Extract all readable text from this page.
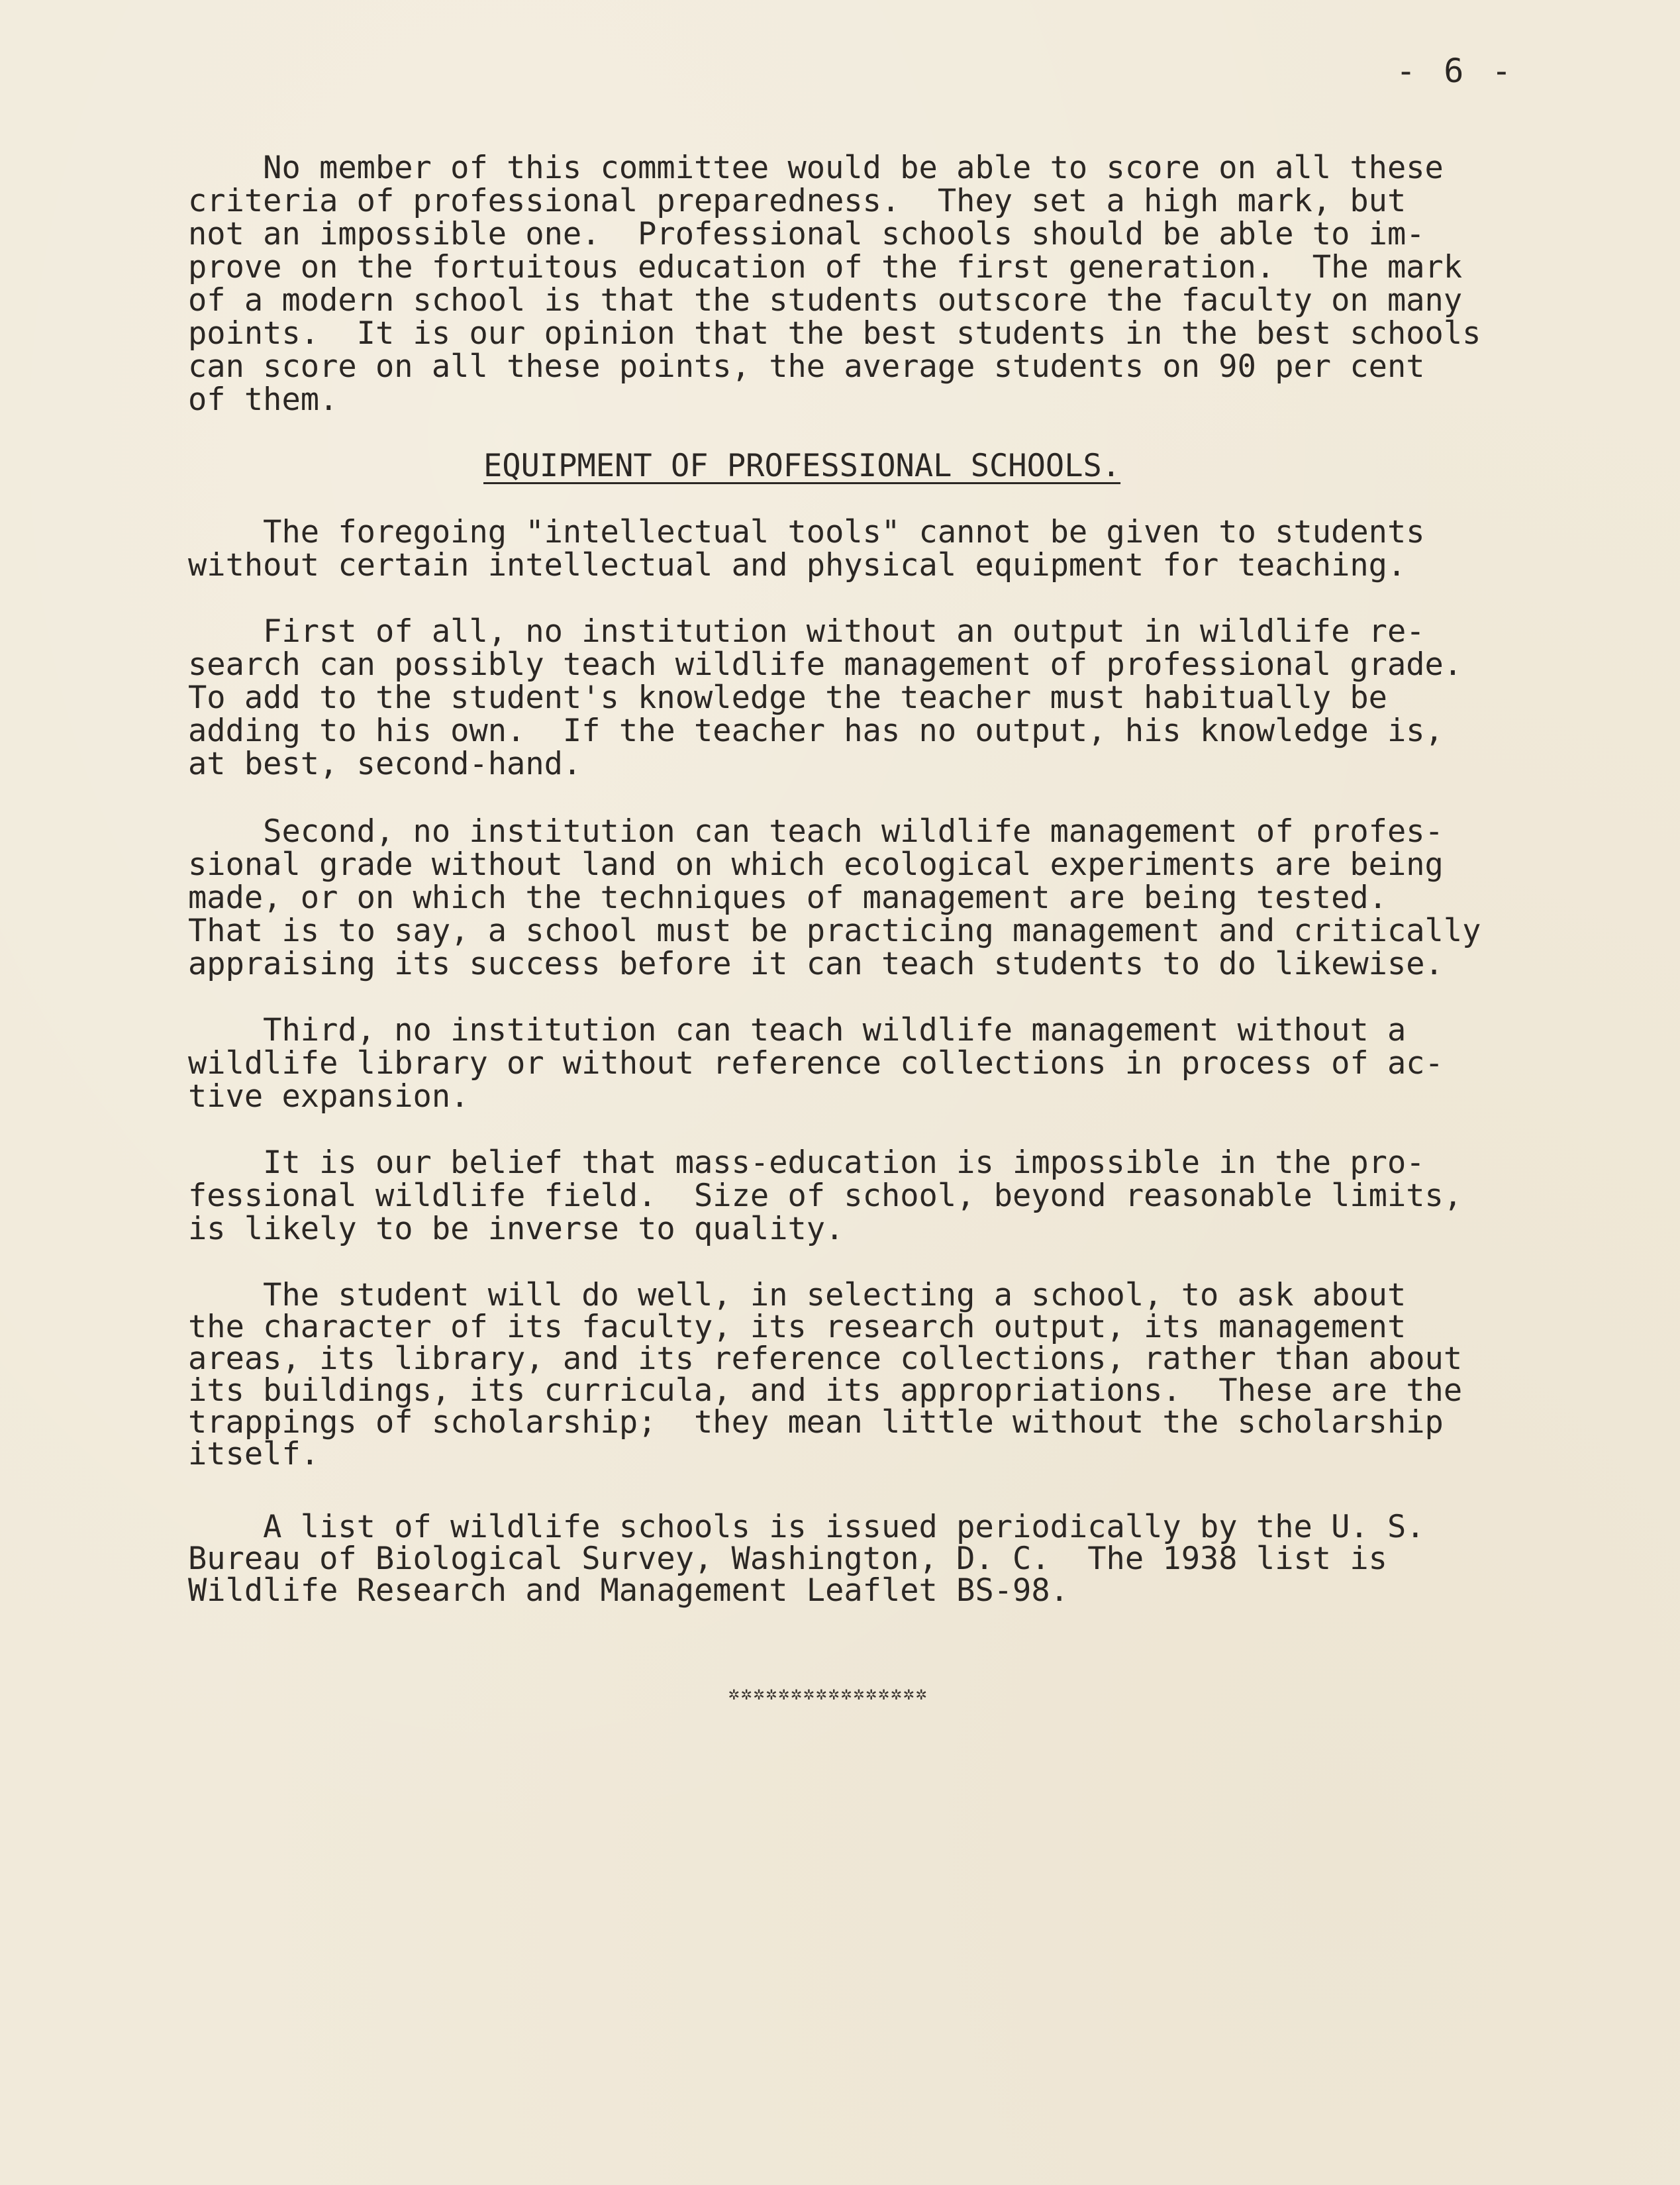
- 6 -
No member of this committee would be able to score on all these
criteria of professional preparedness.  They set a high mark, but
not an impossible one.  Professional schools should be able to im-
prove on the fortuitous education of the first generation.  The mark
of a modern school is that the students outscore the faculty on many
points.  It is our opinion that the best students in the best schools
can score on all these points, the average students on 90 per cent
of them.
EQUIPMENT OF PROFESSIONAL SCHOOLS.
The foregoing "intellectual tools" cannot be given to students
without certain intellectual and physical equipment for teaching.
First of all, no institution without an output in wildlife re-
search can possibly teach wildlife management of professional grade.
To add to the student's knowledge the teacher must habitually be
adding to his own.  If the teacher has no output, his knowledge is,
at best, second-hand.
Second, no institution can teach wildlife management of profes-
sional grade without land on which ecological experiments are being
made, or on which the techniques of management are being tested.
That is to say, a school must be practicing management and critically
appraising its success before it can teach students to do likewise.
Third, no institution can teach wildlife management without a
wildlife library or without reference collections in process of ac-
tive expansion.
It is our belief that mass-education is impossible in the pro-
fessional wildlife field.  Size of school, beyond reasonable limits,
is likely to be inverse to quality.
The student will do well, in selecting a school, to ask about
the character of its faculty, its research output, its management
areas, its library, and its reference collections, rather than about
its buildings, its curricula, and its appropriations.  These are the
trappings of scholarship;  they mean little without the scholarship
itself.
A list of wildlife schools is issued periodically by the U. S.
Bureau of Biological Survey, Washington, D. C.  The 1938 list is
Wildlife Research and Management Leaflet BS-98.
✲✲✲✲✲✲✲✲✲✲✲✲✲✲✲✲
